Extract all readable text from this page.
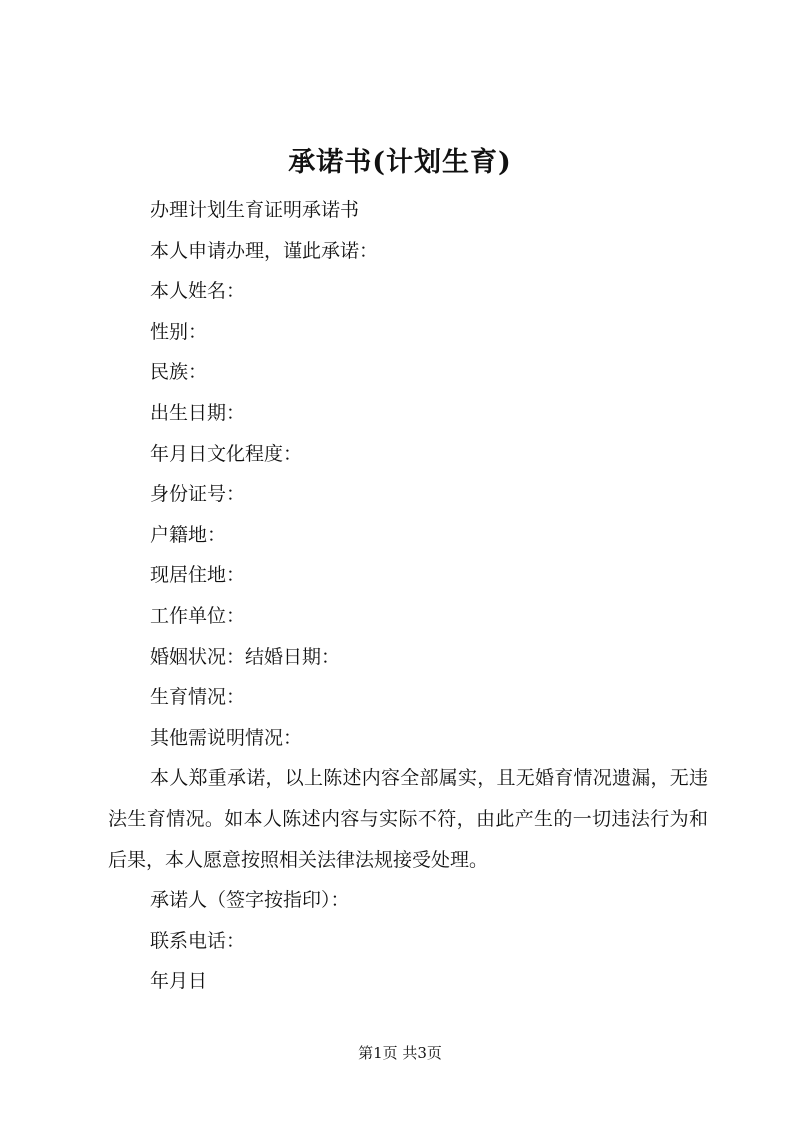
承诺书(计划生育)

办理计划生育证明承诺书

本人申请办理，谨此承诺：

本人姓名：

性别：

民族：

出生日期：

年月日文化程度：

身份证号：

户籍地：

现居住地：

工作单位：

婚姻状况：结婚日期：

生育情况：

其他需说明情况：

本人郑重承诺，以上陈述内容全部属实，且无婚育情况遗漏，无违法生育情况。如本人陈述内容与实际不符，由此产生的一切违法行为和后果，本人愿意按照相关法律法规接受处理。

承诺人（签字按指印）：

联系电话：

年月日

第1页 共3页
